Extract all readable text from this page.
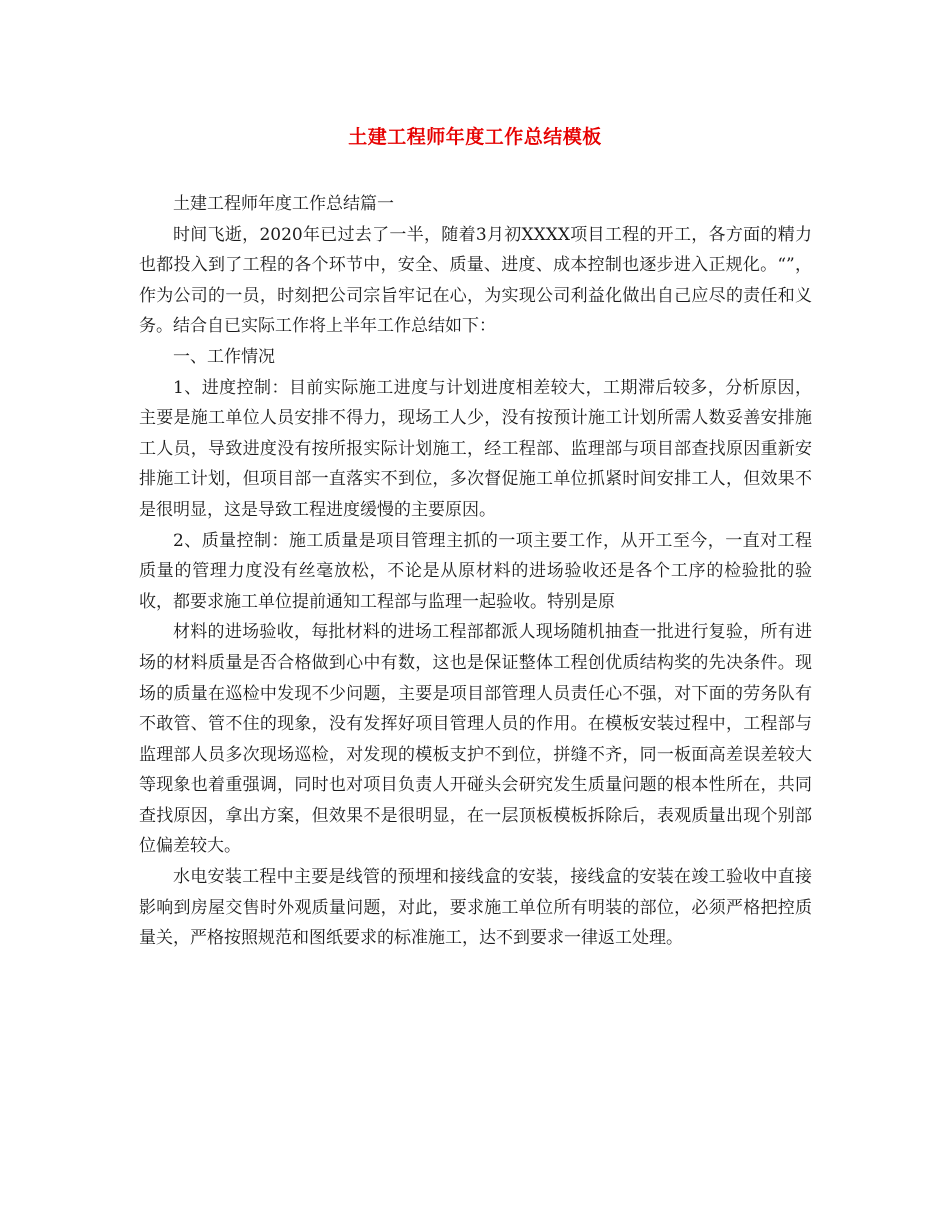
土建工程师年度工作总结模板

土建工程师年度工作总结篇一

时间飞逝，2020年已过去了一半，随着3月初XXXX项目工程的开工，各方面的精力也都投入到了工程的各个环节中，安全、质量、进度、成本控制也逐步进入正规化。“”，作为公司的一员，时刻把公司宗旨牢记在心，为实现公司利益化做出自己应尽的责任和义务。结合自已实际工作将上半年工作总结如下：

一、工作情况

1、进度控制：目前实际施工进度与计划进度相差较大，工期滞后较多，分析原因，主要是施工单位人员安排不得力，现场工人少，没有按预计施工计划所需人数妥善安排施工人员，导致进度没有按所报实际计划施工，经工程部、监理部与项目部查找原因重新安排施工计划，但项目部一直落实不到位，多次督促施工单位抓紧时间安排工人，但效果不是很明显，这是导致工程进度缓慢的主要原因。

2、质量控制：施工质量是项目管理主抓的一项主要工作，从开工至今，一直对工程质量的管理力度没有丝毫放松，不论是从原材料的进场验收还是各个工序的检验批的验收，都要求施工单位提前通知工程部与监理一起验收。特别是原

材料的进场验收，每批材料的进场工程部都派人现场随机抽查一批进行复验，所有进场的材料质量是否合格做到心中有数，这也是保证整体工程创优质结构奖的先决条件。现场的质量在巡检中发现不少问题，主要是项目部管理人员责任心不强，对下面的劳务队有不敢管、管不住的现象，没有发挥好项目管理人员的作用。在模板安装过程中，工程部与监理部人员多次现场巡检，对发现的模板支护不到位，拼缝不齐，同一板面高差误差较大等现象也着重强调，同时也对项目负责人开碰头会研究发生质量问题的根本性所在，共同查找原因，拿出方案，但效果不是很明显，在一层顶板模板拆除后，表观质量出现个别部位偏差较大。

水电安装工程中主要是线管的预埋和接线盒的安装，接线盒的安装在竣工验收中直接影响到房屋交售时外观质量问题，对此，要求施工单位所有明装的部位，必须严格把控质量关，严格按照规范和图纸要求的标准施工，达不到要求一律返工处理。
